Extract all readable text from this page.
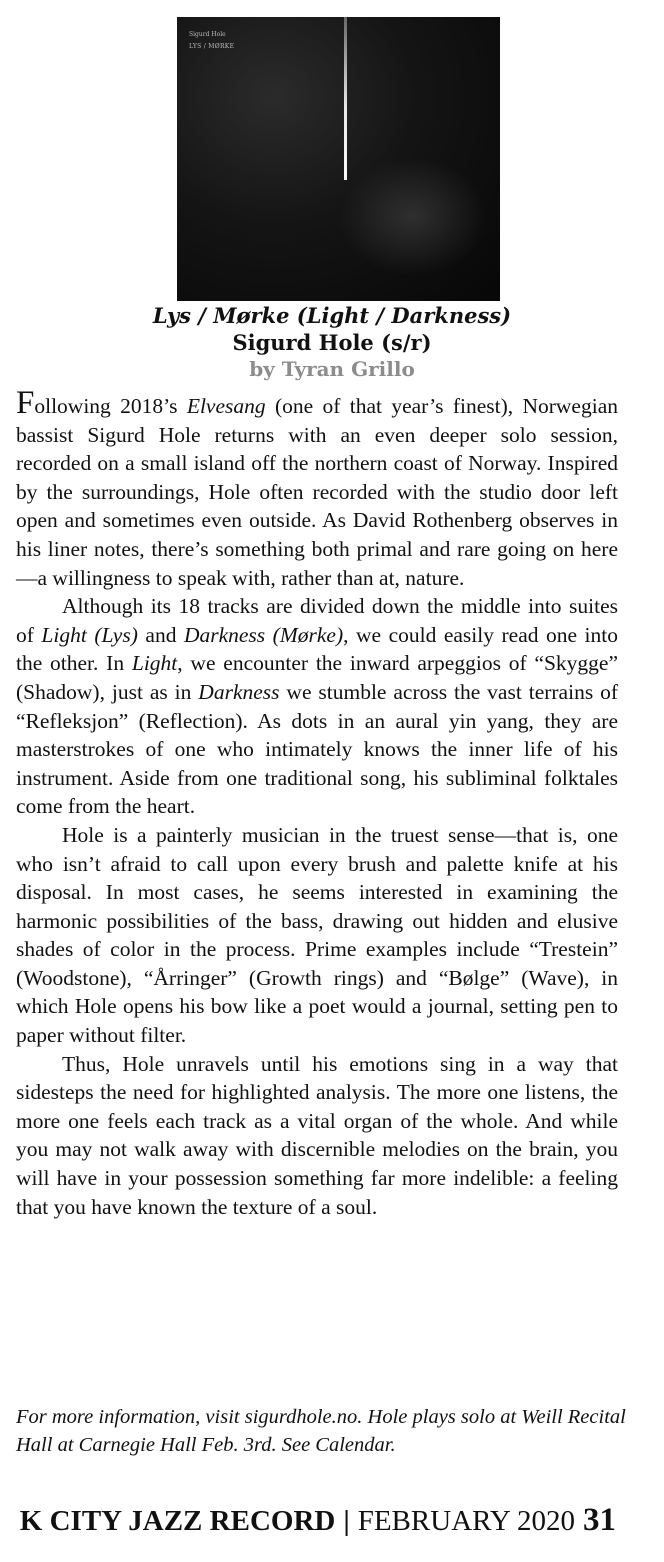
Sigurd Hole
LYS / MØRKE
Lys / Mørke (Light / Darkness)
Sigurd Hole (s/r)
by Tyran Grillo

Following 2018’s Elvesang (one of that year’s finest), Norwegian bassist Sigurd Hole returns with an even deeper solo session, recorded on a small island off the northern coast of Norway. Inspired by the surroundings, Hole often recorded with the studio door left open and sometimes even outside. As David Rothenberg observes in his liner notes, there’s something both primal and rare going on here—a willingness to speak with, rather than at, nature.

Although its 18 tracks are divided down the middle into suites of Light (Lys) and Darkness (Mørke), we could easily read one into the other. In Light, we encounter the inward arpeggios of “Skygge” (Shadow), just as in Darkness we stumble across the vast terrains of “Refleksjon” (Reflection). As dots in an aural yin yang, they are masterstrokes of one who intimately knows the inner life of his instrument. Aside from one traditional song, his subliminal folktales come from the heart.

Hole is a painterly musician in the truest sense—that is, one who isn’t afraid to call upon every brush and palette knife at his disposal. In most cases, he seems interested in examining the harmonic possibilities of the bass, drawing out hidden and elusive shades of color in the process. Prime examples include “Trestein” (Woodstone), “Årringer” (Growth rings) and “Bølge” (Wave), in which Hole opens his bow like a poet would a journal, setting pen to paper without filter.

Thus, Hole unravels until his emotions sing in a way that sidesteps the need for highlighted analysis. The more one listens, the more one feels each track as a vital organ of the whole. And while you may not walk away with discernible melodies on the brain, you will have in your possession something far more indelible: a feeling that you have known the texture of a soul.

For more information, visit sigurdhole.no. Hole plays solo at Weill Recital Hall at Carnegie Hall Feb. 3rd. See Calendar.

K CITY JAZZ RECORD | FEBRUARY 2020 31
